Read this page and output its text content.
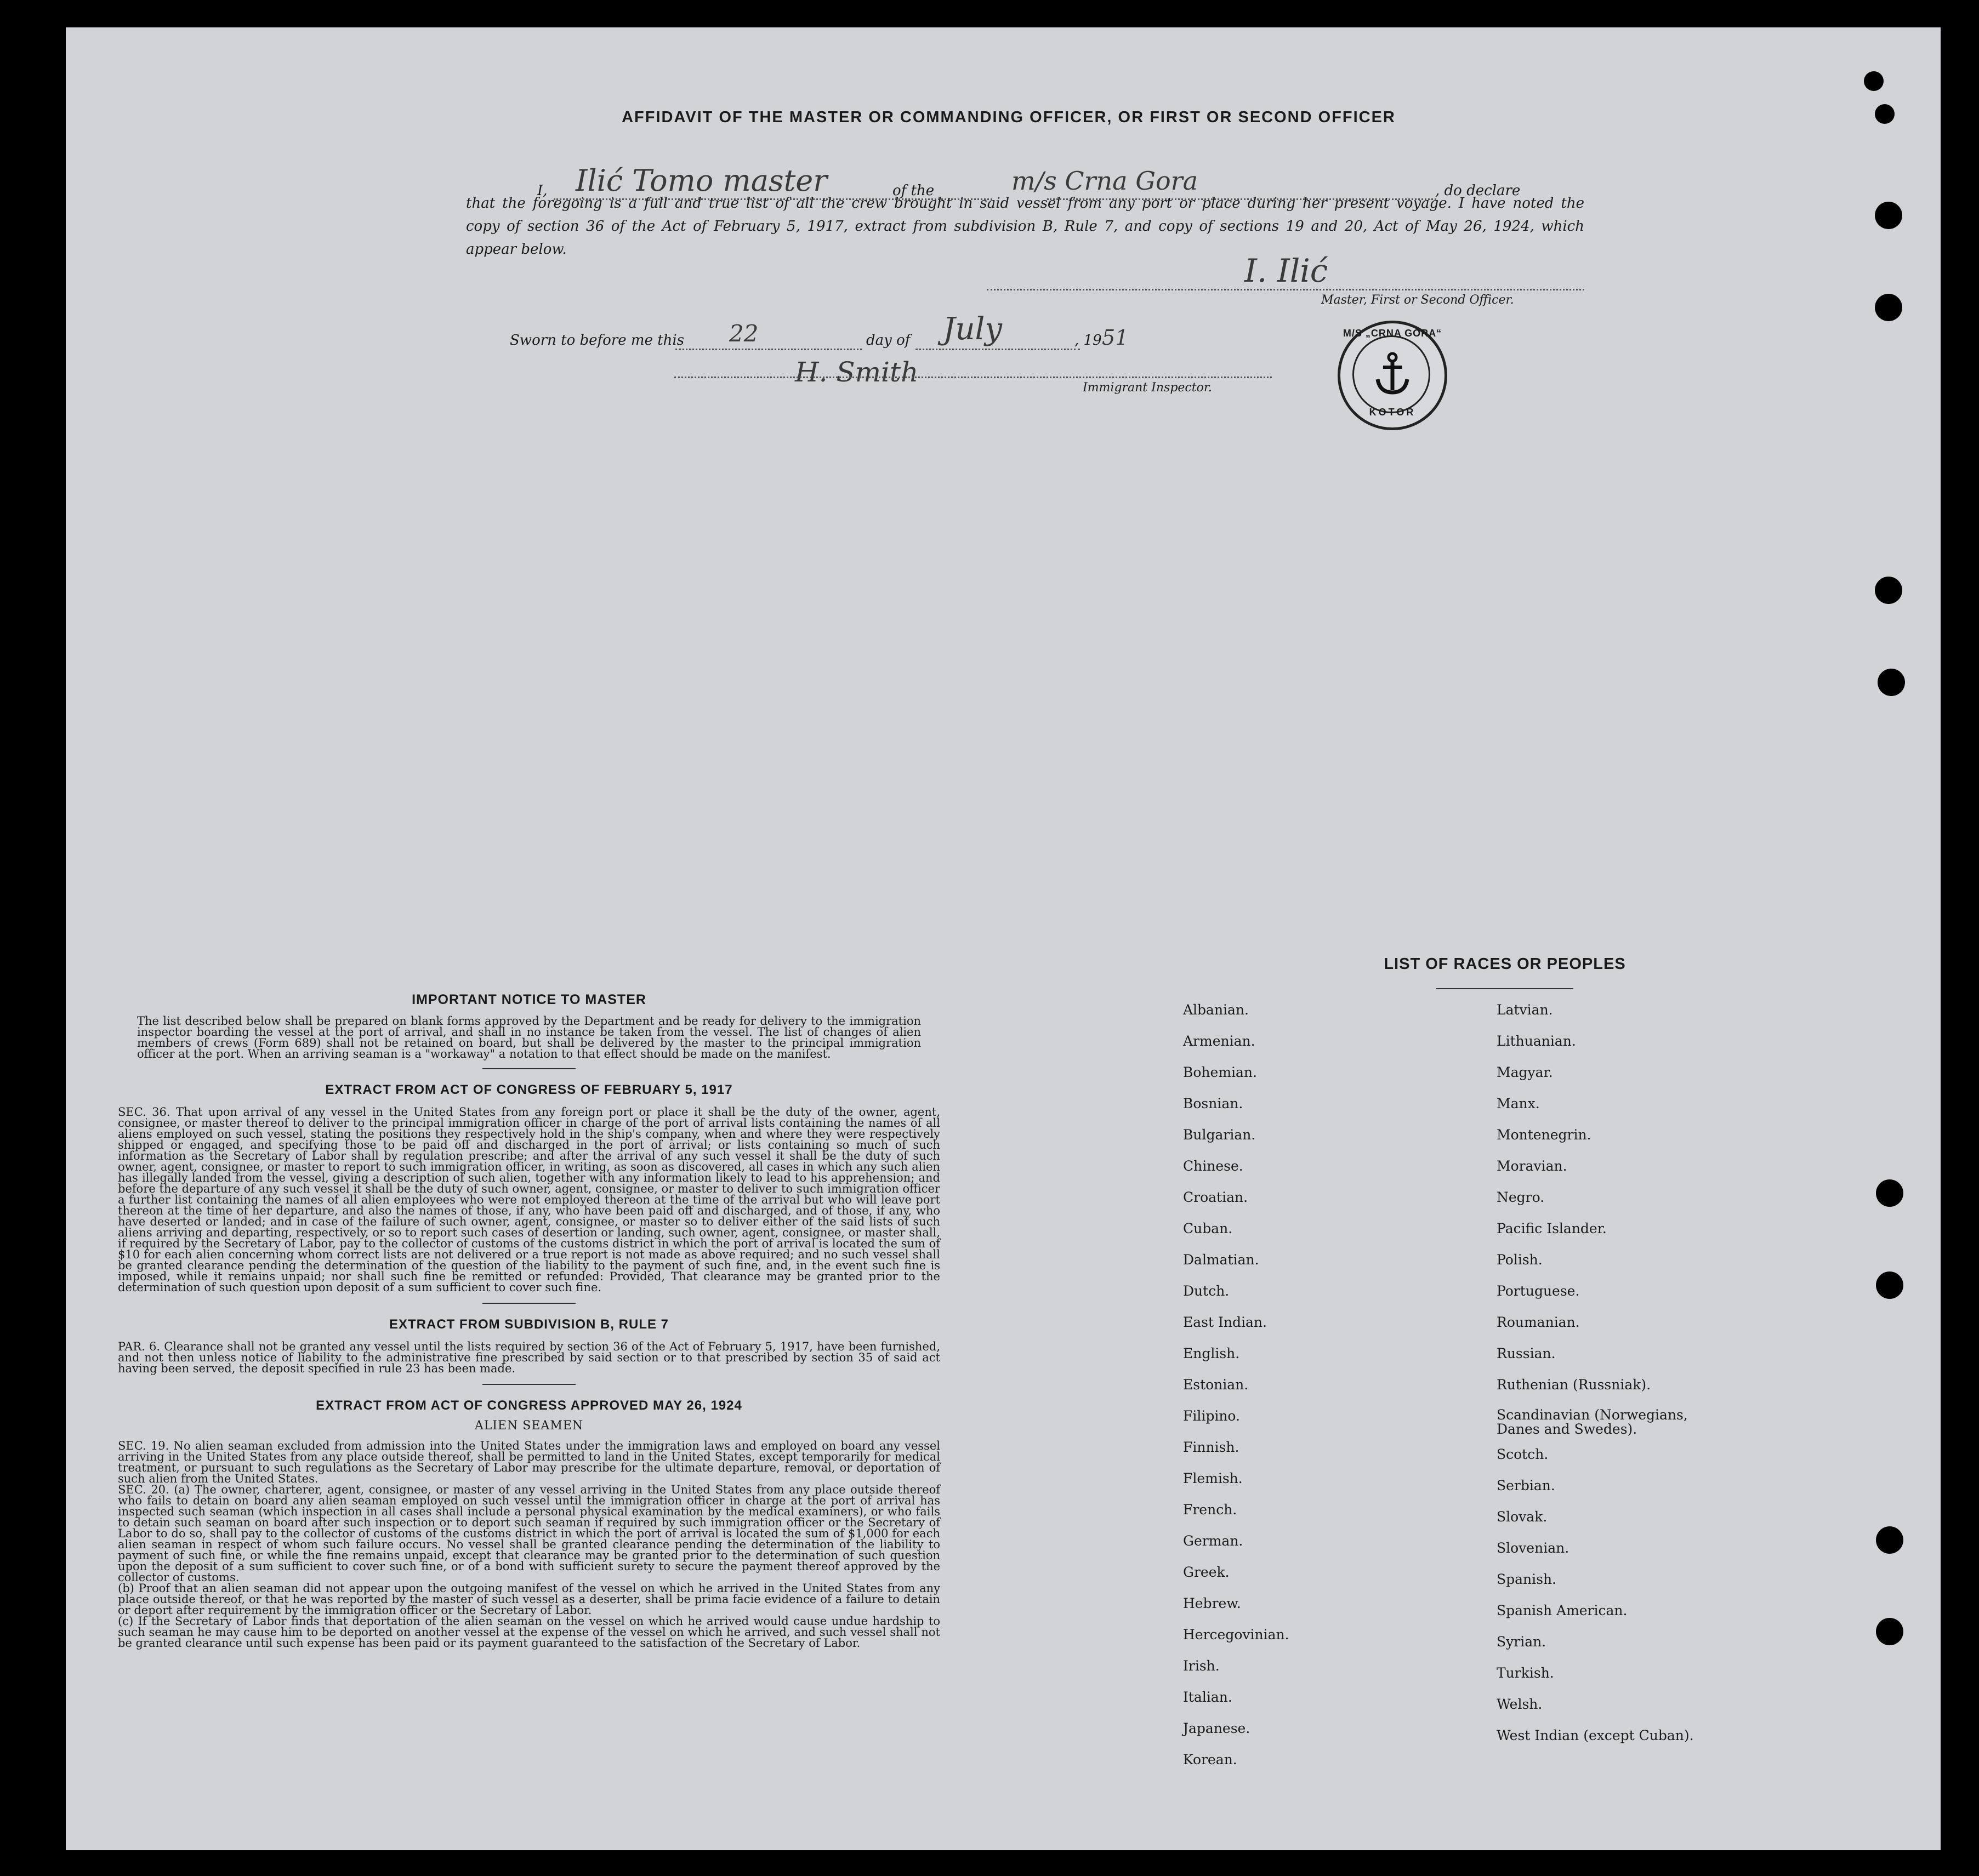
AFFIDAVIT OF THE MASTER OR COMMANDING OFFICER, OR FIRST OR SECOND OFFICER
I, Ilić Tomo master	of the	m/s Crna Gora	, do declare
that the foregoing is a full and true list of all the crew brought in said vessel from any port or place during her present voyage. I have noted the
copy of section 36 of the Act of February 5, 1917, extract from subdivision B, Rule 7, and copy of sections 19 and 20, Act of May 26, 1924, which
appear below.
I. Ilić
Master, First or Second Officer.
Sworn to before me this 22	day of July	, 19 51
H. Smith	Immigrant Inspector.
M/S „CRNA GORA“
KOTOR
IMPORTANT NOTICE TO MASTER
The list described below shall be prepared on blank forms approved by the Department and be ready for delivery to the immigration inspector boarding the vessel at the port of arrival, and shall in no instance be taken from the vessel. The list of changes of alien members of crews (Form 689) shall not be retained on board, but shall be delivered by the master to the principal immigration officer at the port. When an arriving seaman is a "workaway" a notation to that effect should be made on the manifest.
EXTRACT FROM ACT OF CONGRESS OF FEBRUARY 5, 1917
SEC. 36. That upon arrival of any vessel in the United States from any foreign port or place it shall be the duty of the owner, agent, consignee, or master thereof to deliver to the principal immigration officer in charge of the port of arrival lists containing the names of all aliens employed on such vessel, stating the positions they respectively hold in the ship's company, when and where they were respectively shipped or engaged, and specifying those to be paid off and discharged in the port of arrival; or lists containing so much of such information as the Secretary of Labor shall by regulation prescribe; and after the arrival of any such vessel it shall be the duty of such owner, agent, consignee, or master to report to such immigration officer, in writing, as soon as discovered, all cases in which any such alien has illegally landed from the vessel, giving a description of such alien, together with any information likely to lead to his apprehension; and before the departure of any such vessel it shall be the duty of such owner, agent, consignee, or master to deliver to such immigration officer a further list containing the names of all alien employees who were not employed thereon at the time of the arrival but who will leave port thereon at the time of her departure, and also the names of those, if any, who have been paid off and discharged, and of those, if any, who have deserted or landed; and in case of the failure of such owner, agent, consignee, or master so to deliver either of the said lists of such aliens arriving and departing, respectively, or so to report such cases of desertion or landing, such owner, agent, consignee, or master shall, if required by the Secretary of Labor, pay to the collector of customs of the customs district in which the port of arrival is located the sum of $10 for each alien concerning whom correct lists are not delivered or a true report is not made as above required; and no such vessel shall be granted clearance pending the determination of the question of the liability to the payment of such fine, and, in the event such fine is imposed, while it remains unpaid; nor shall such fine be remitted or refunded: Provided, That clearance may be granted prior to the determination of such question upon deposit of a sum sufficient to cover such fine.
EXTRACT FROM SUBDIVISION B, RULE 7
PAR. 6. Clearance shall not be granted any vessel until the lists required by section 36 of the Act of February 5, 1917, have been furnished, and not then unless notice of liability to the administrative fine prescribed by said section or to that prescribed by section 35 of said act having been served, the deposit specified in rule 23 has been made.
EXTRACT FROM ACT OF CONGRESS APPROVED MAY 26, 1924
ALIEN SEAMEN
SEC. 19. No alien seaman excluded from admission into the United States under the immigration laws and employed on board any vessel arriving in the United States from any place outside thereof, shall be permitted to land in the United States, except temporarily for medical treatment, or pursuant to such regulations as the Secretary of Labor may prescribe for the ultimate departure, removal, or deportation of such alien from the United States.
SEC. 20. (a) The owner, charterer, agent, consignee, or master of any vessel arriving in the United States from any place outside thereof who fails to detain on board any alien seaman employed on such vessel until the immigration officer in charge at the port of arrival has inspected such seaman (which inspection in all cases shall include a personal physical examination by the medical examiners), or who fails to detain such seaman on board after such inspection or to deport such seaman if required by such immigration officer or the Secretary of Labor to do so, shall pay to the collector of customs of the customs district in which the port of arrival is located the sum of $1,000 for each alien seaman in respect of whom such failure occurs. No vessel shall be granted clearance pending the determination of the liability to payment of such fine, or while the fine remains unpaid, except that clearance may be granted prior to the determination of such question upon the deposit of a sum sufficient to cover such fine, or of a bond with sufficient surety to secure the payment thereof approved by the collector of customs.
(b) Proof that an alien seaman did not appear upon the outgoing manifest of the vessel on which he arrived in the United States from any place outside thereof, or that he was reported by the master of such vessel as a deserter, shall be prima facie evidence of a failure to detain or deport after requirement by the immigration officer or the Secretary of Labor.
(c) If the Secretary of Labor finds that deportation of the alien seaman on the vessel on which he arrived would cause undue hardship to such seaman he may cause him to be deported on another vessel at the expense of the vessel on which he arrived, and such vessel shall not be granted clearance until such expense has been paid or its payment guaranteed to the satisfaction of the Secretary of Labor.
LIST OF RACES OR PEOPLES
Albanian.
Armenian.
Bohemian.
Bosnian.
Bulgarian.
Chinese.
Croatian.
Cuban.
Dalmatian.
Dutch.
East Indian.
English.
Estonian.
Filipino.
Finnish.
Flemish.
French.
German.
Greek.
Hebrew.
Hercegovinian.
Irish.
Italian.
Japanese.
Korean.
Latvian.
Lithuanian.
Magyar.
Manx.
Montenegrin.
Moravian.
Negro.
Pacific Islander.
Polish.
Portuguese.
Roumanian.
Russian.
Ruthenian (Russniak).
Scandinavian (Norwegians, Danes and Swedes).
Scotch.
Serbian.
Slovak.
Slovenian.
Spanish.
Spanish American.
Syrian.
Turkish.
Welsh.
West Indian (except Cuban).
